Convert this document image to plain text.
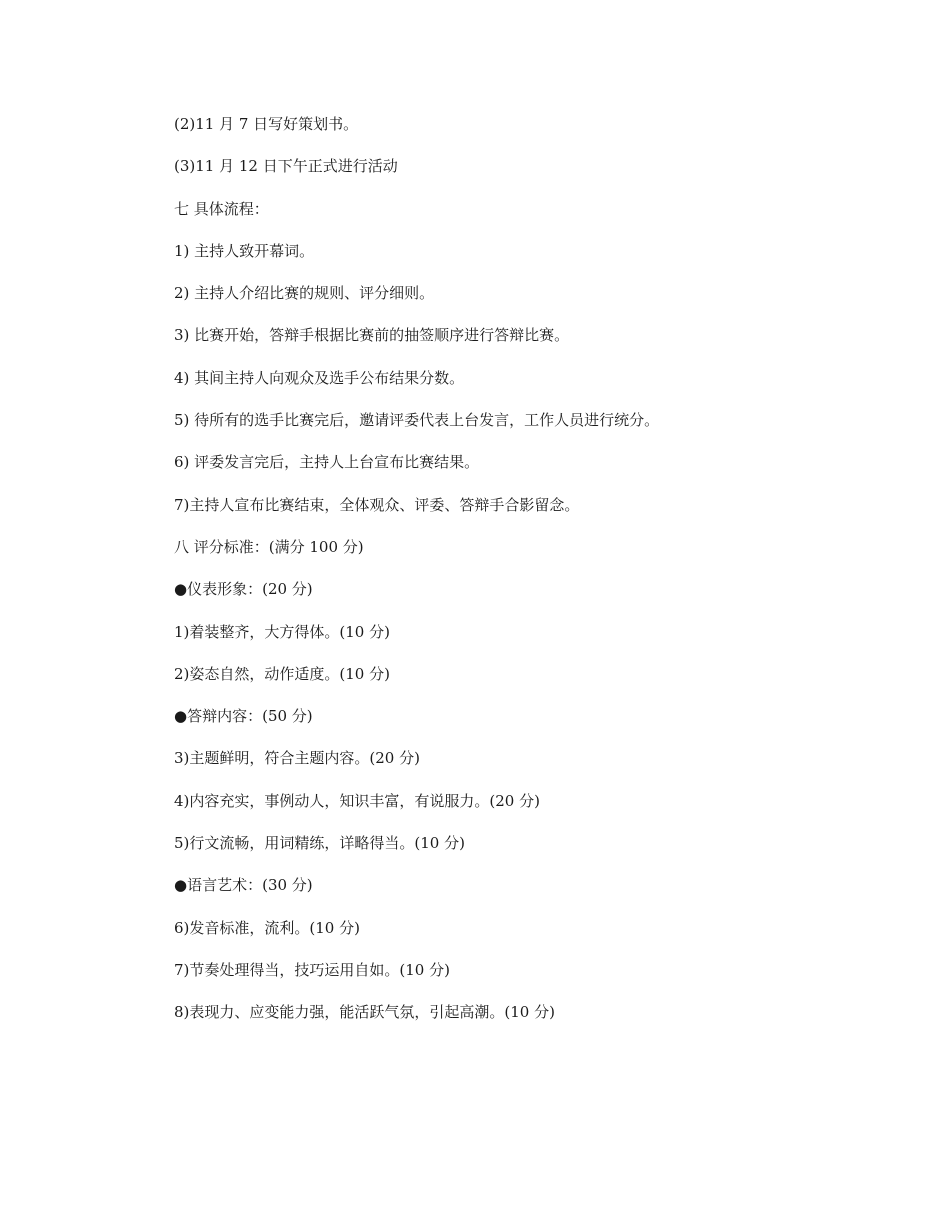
(2)11 月 7 日写好策划书。

(3)11 月 12 日下午正式进行活动

七 具体流程：

1) 主持人致开幕词。

2) 主持人介绍比赛的规则、评分细则。

3) 比赛开始，答辩手根据比赛前的抽签顺序进行答辩比赛。

4) 其间主持人向观众及选手公布结果分数。

5) 待所有的选手比赛完后，邀请评委代表上台发言，工作人员进行统分。

6) 评委发言完后，主持人上台宣布比赛结果。

7)主持人宣布比赛结束，全体观众、评委、答辩手合影留念。

八 评分标准：(满分 100 分)

●仪表形象：(20 分)

1)着装整齐，大方得体。(10 分)

2)姿态自然，动作适度。(10 分)

●答辩内容：(50 分)

3)主题鲜明，符合主题内容。(20 分)

4)内容充实，事例动人，知识丰富，有说服力。(20 分)

5)行文流畅，用词精练，详略得当。(10 分)

●语言艺术：(30 分)

6)发音标准，流利。(10 分)

7)节奏处理得当，技巧运用自如。(10 分)

8)表现力、应变能力强，能活跃气氛，引起高潮。(10 分)
